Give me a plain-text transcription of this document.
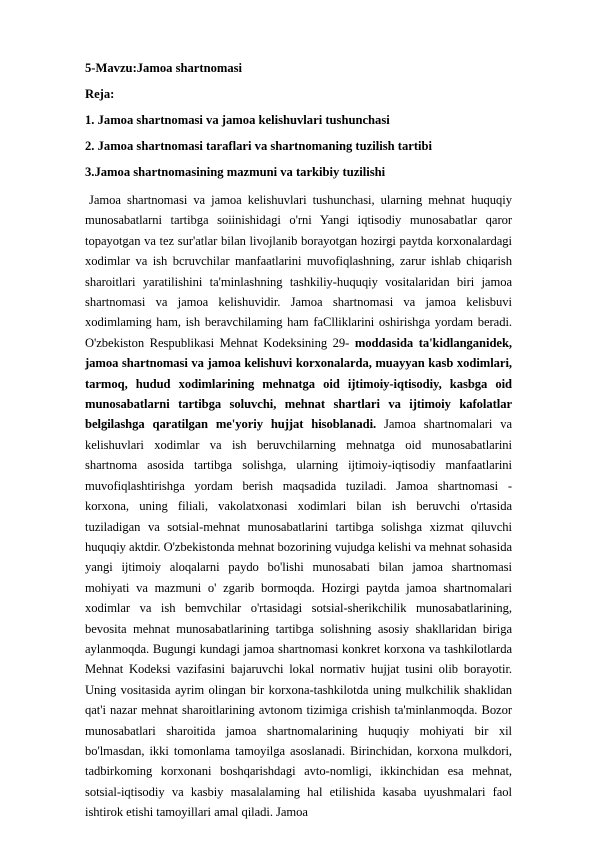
5-Mavzu:Jamoa shartnomasi
Reja:
1. Jamoa shartnomasi va jamoa kelishuvlari tushunchasi
2. Jamoa shartnomasi taraflari va shartnomaning tuzilish tartibi
3.Jamoa shartnomasining mazmuni va tarkibiy tuzilishi

Jamoa shartnomasi va jamoa kelishuvlari tushunchasi, ularning mehnat huquqiy munosabatlarni tartibga soiinishidagi o'rni Yangi iqtisodiy munosabatlar qaror topayotgan va tez sur'atlar bilan livojlanib borayotgan hozirgi paytda korxonalardagi xodimlar va ish bcruvchilar manfaatlarini muvofiqlashning, zarur ishlab chiqarish sharoitlari yaratilishini ta'minlashning tashkiliy-huquqiy vositalaridan biri jamoa shartnomasi va jamoa kelishuvidir. Jamoa shartnomasi va jamoa kelisbuvi xodimlaming ham, ish beravchilaming ham faClliklarini oshirishga yordam beradi. O'zbekiston Respublikasi Mehnat Kodeksining 29- moddasida ta'kidlanganidek, jamoa shartnomasi va jamoa kelishuvi korxonalarda, muayyan kasb xodimlari, tarmoq, hudud xodimlarining mehnatga oid ijtimoiy-iqtisodiy, kasbga oid munosabatlarni tartibga soluvchi, mehnat shartlari va ijtimoiy kafolatlar belgilashga qaratilgan me'yoriy hujjat hisoblanadi. Jamoa shartnomalari va kelishuvlari xodimlar va ish beruvchilarning mehnatga oid munosabatlarini shartnoma asosida tartibga solishga, ularning ijtimoiy-iqtisodiy manfaatlarini muvofiqlashtirishga yordam berish maqsadida tuziladi. Jamoa shartnomasi - korxona, uning filiali, vakolatxonasi xodimlari bilan ish beruvchi o'rtasida tuziladigan va sotsial-mehnat munosabatlarini tartibga solishga xizmat qiluvchi huquqiy aktdir. O'zbekistonda mehnat bozorining vujudga kelishi va mehnat sohasida yangi ijtimoiy aloqalarni paydo bo'lishi munosabati bilan jamoa shartnomasi mohiyati va mazmuni o' zgarib bormoqda. Hozirgi paytda jamoa shartnomalari xodimlar va ish bemvchilar o'rtasidagi sotsial-sherikchilik munosabatlarining, bevosita mehnat munosabatlarining tartibga solishning asosiy shakllaridan biriga aylanmoqda. Bugungi kundagi jamoa shartnomasi konkret korxona va tashkilotlarda Mehnat Kodeksi vazifasini bajaruvchi lokal normativ hujjat tusini olib borayotir. Uning vositasida ayrim olingan bir korxona-tashkilotda uning mulkchilik shaklidan qat'i nazar mehnat sharoitlarining avtonom tizimiga crishish ta'minlanmoqda. Bozor munosabatlari sharoitida jamoa shartnomalarining huquqiy mohiyati bir xil bo'lmasdan, ikki tomonlama tamoyilga asoslanadi. Birinchidan, korxona mulkdori, tadbirkoming korxonani boshqarishdagi avto-nomligi, ikkinchidan esa mehnat, sotsial-iqtisodiy va kasbiy masalalaming hal etilishida kasaba uyushmalari faol ishtirok etishi tamoyillari amal qiladi. Jamoa
